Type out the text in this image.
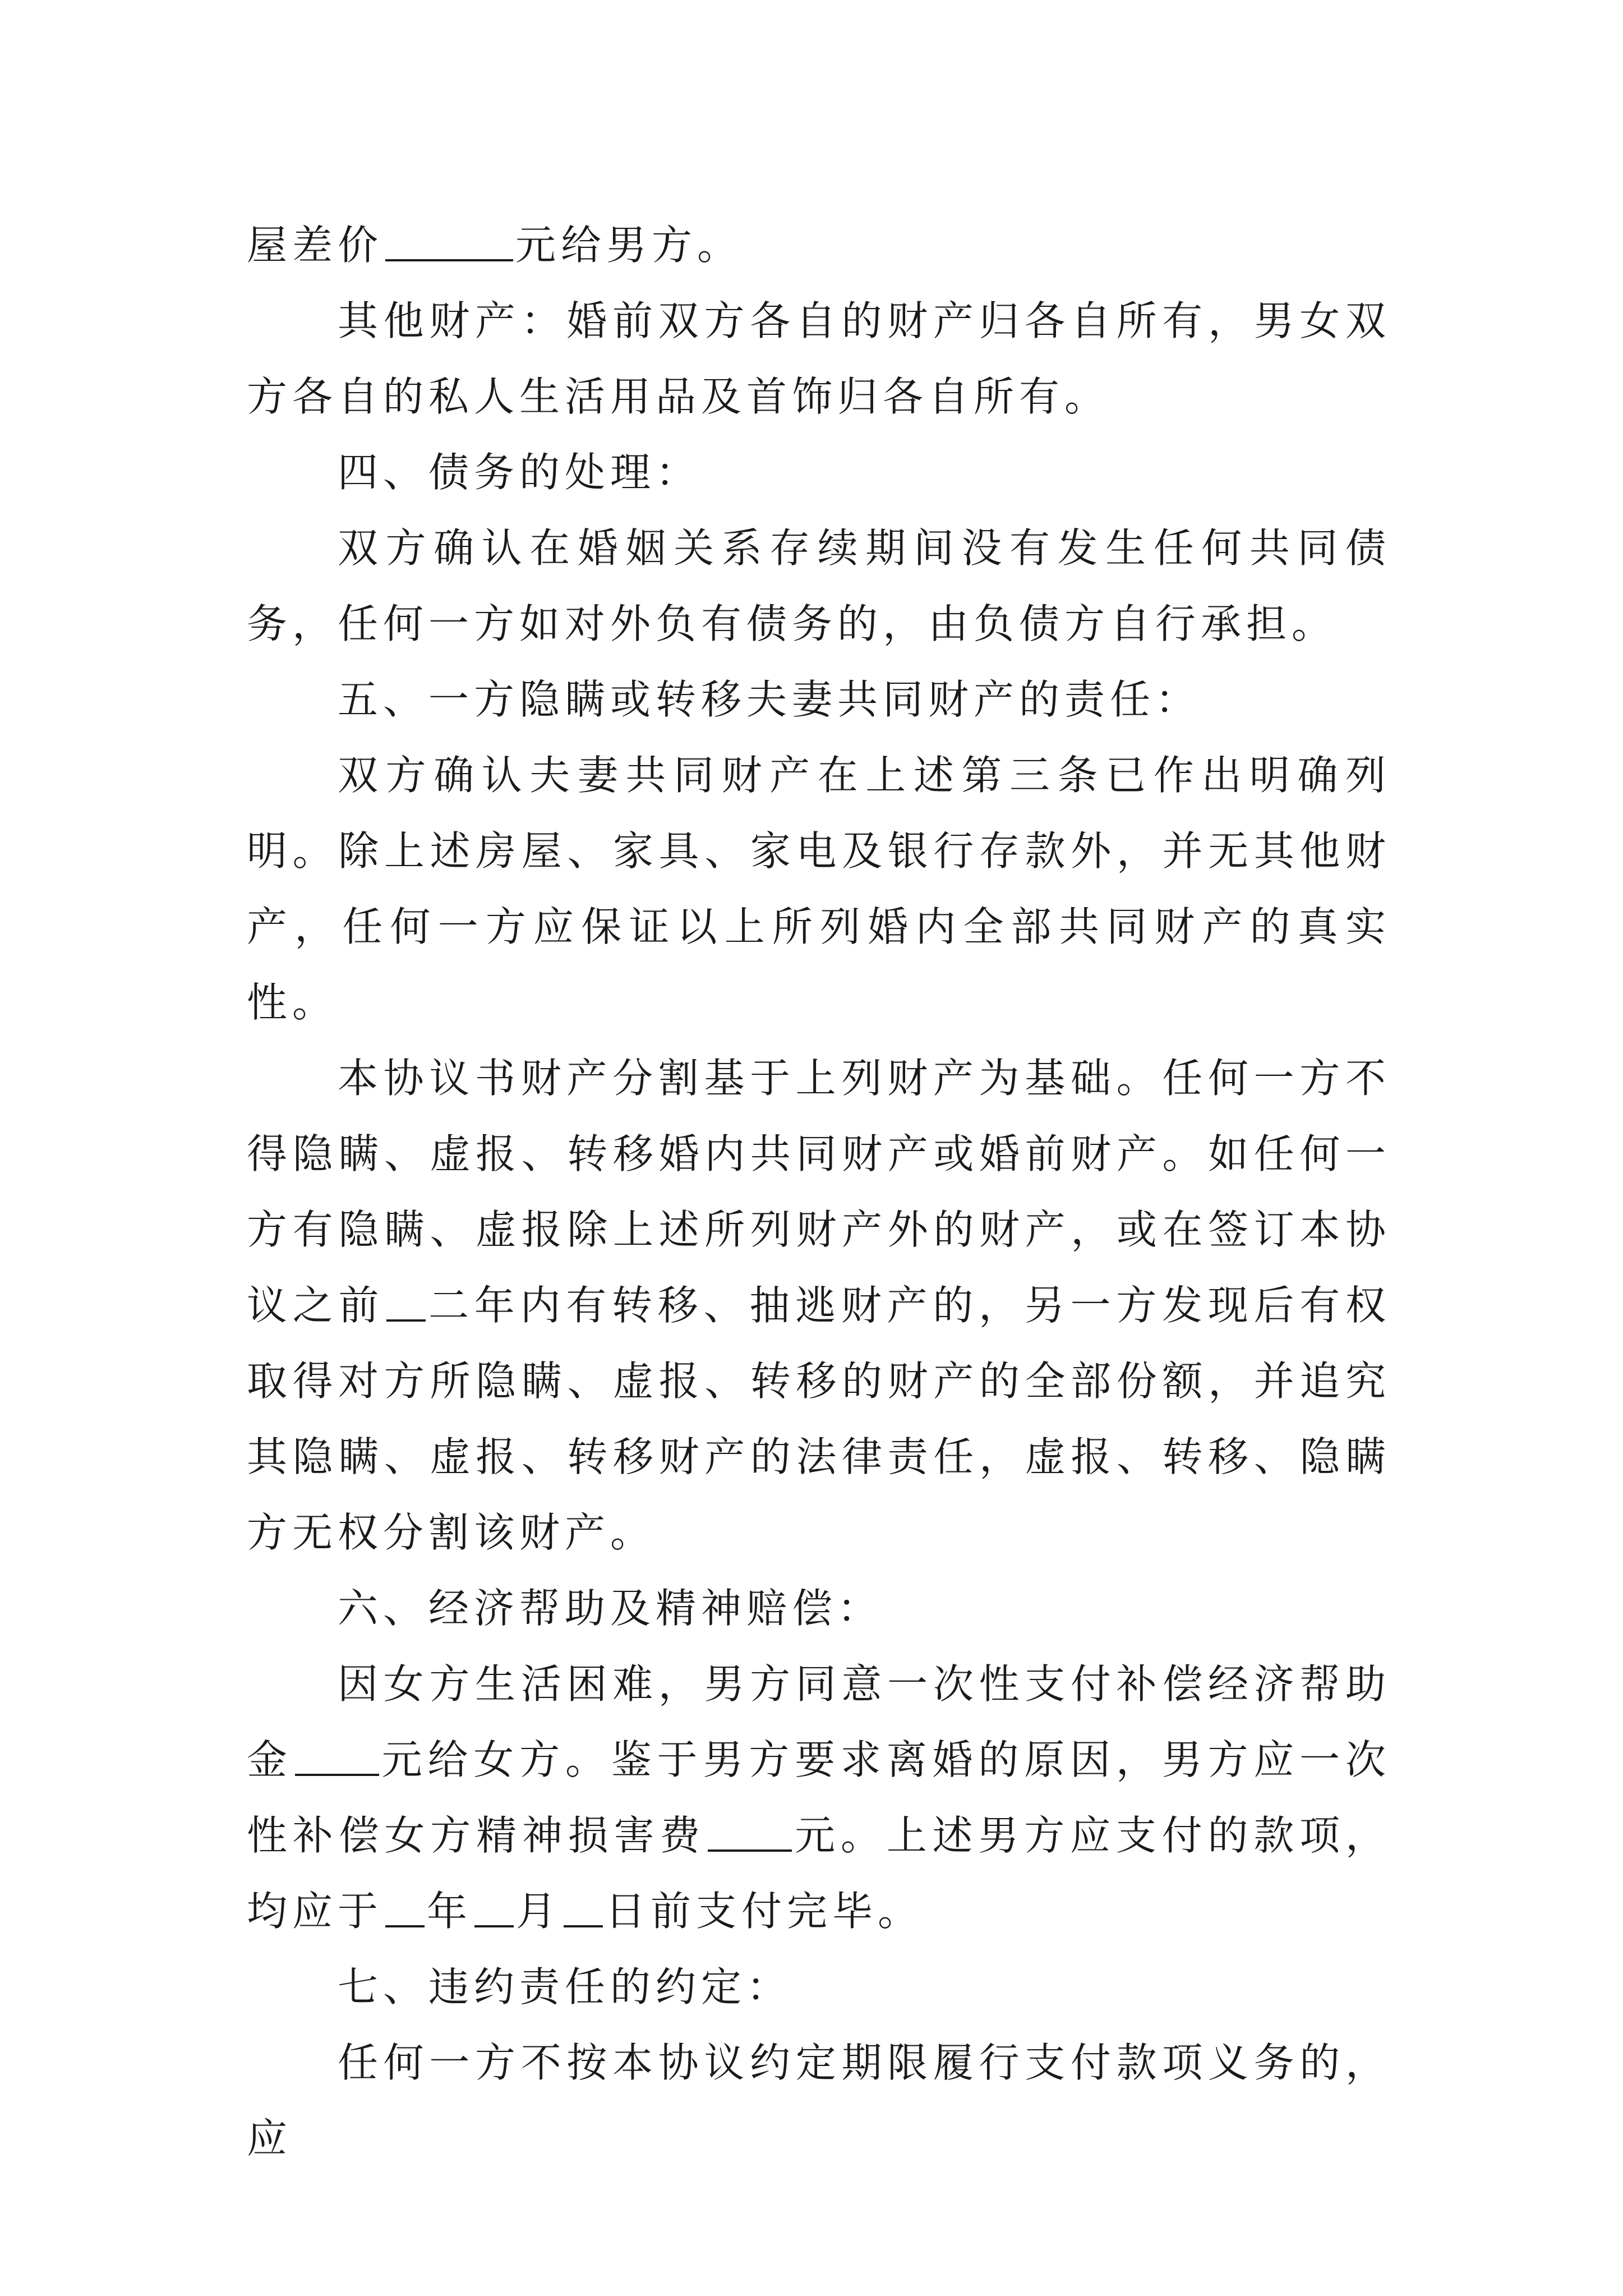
屋差价	元给男方。

其他财产：婚前双方各自的财产归各自所有，男女双方各自的私人生活用品及首饰归各自所有。

四、债务的处理：

双方确认在婚姻关系存续期间没有发生任何共同债务，任何一方如对外负有债务的，由负债方自行承担。

五、一方隐瞒或转移夫妻共同财产的责任：

双方确认夫妻共同财产在上述第三条已作出明确列明。除上述房屋、家具、家电及银行存款外，并无其他财产，任何一方应保证以上所列婚内全部共同财产的真实性。

本协议书财产分割基于上列财产为基础。任何一方不得隐瞒、虚报、转移婚内共同财产或婚前财产。如任何一方有隐瞒、虚报除上述所列财产外的财产，或在签订本协议之前 二年内有转移、抽逃财产的，另一方发现后有权取得对方所隐瞒、虚报、转移的财产的全部份额，并追究其隐瞒、虚报、转移财产的法律责任，虚报、转移、隐瞒方无权分割该财产。

六、经济帮助及精神赔偿：

因女方生活困难，男方同意一次性支付补偿经济帮助金 元给女方。鉴于男方要求离婚的原因，男方应一次性补偿女方精神损害费 元。上述男方应支付的款项，均应于 年 月 日前支付完毕。

七、违约责任的约定：

任何一方不按本协议约定期限履行支付款项义务的，应
